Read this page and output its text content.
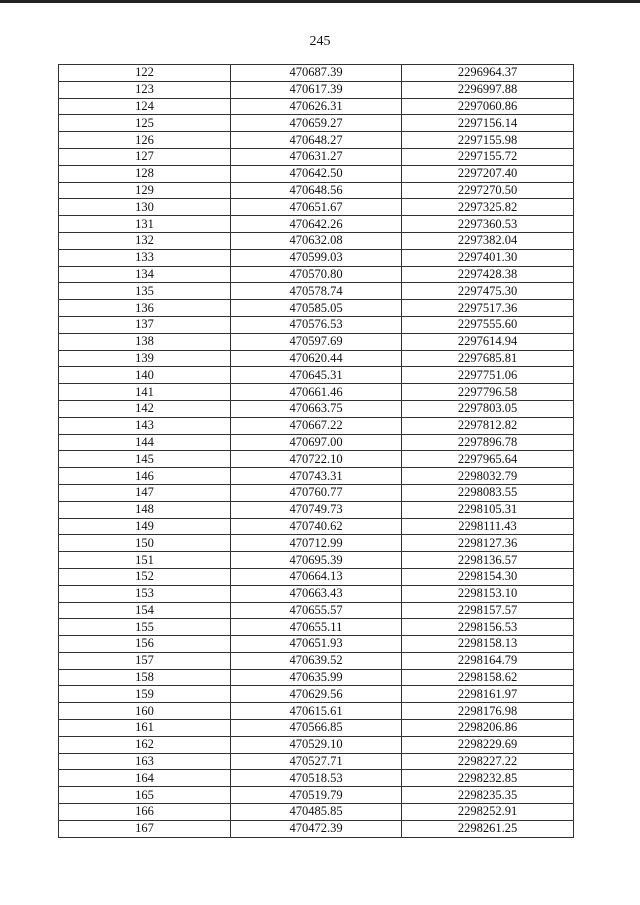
245
122	470687.39	2296964.37
123	470617.39	2296997.88
124	470626.31	2297060.86
125	470659.27	2297156.14
126	470648.27	2297155.98
127	470631.27	2297155.72
128	470642.50	2297207.40
129	470648.56	2297270.50
130	470651.67	2297325.82
131	470642.26	2297360.53
132	470632.08	2297382.04
133	470599.03	2297401.30
134	470570.80	2297428.38
135	470578.74	2297475.30
136	470585.05	2297517.36
137	470576.53	2297555.60
138	470597.69	2297614.94
139	470620.44	2297685.81
140	470645.31	2297751.06
141	470661.46	2297796.58
142	470663.75	2297803.05
143	470667.22	2297812.82
144	470697.00	2297896.78
145	470722.10	2297965.64
146	470743.31	2298032.79
147	470760.77	2298083.55
148	470749.73	2298105.31
149	470740.62	2298111.43
150	470712.99	2298127.36
151	470695.39	2298136.57
152	470664.13	2298154.30
153	470663.43	2298153.10
154	470655.57	2298157.57
155	470655.11	2298156.53
156	470651.93	2298158.13
157	470639.52	2298164.79
158	470635.99	2298158.62
159	470629.56	2298161.97
160	470615.61	2298176.98
161	470566.85	2298206.86
162	470529.10	2298229.69
163	470527.71	2298227.22
164	470518.53	2298232.85
165	470519.79	2298235.35
166	470485.85	2298252.91
167	470472.39	2298261.25
